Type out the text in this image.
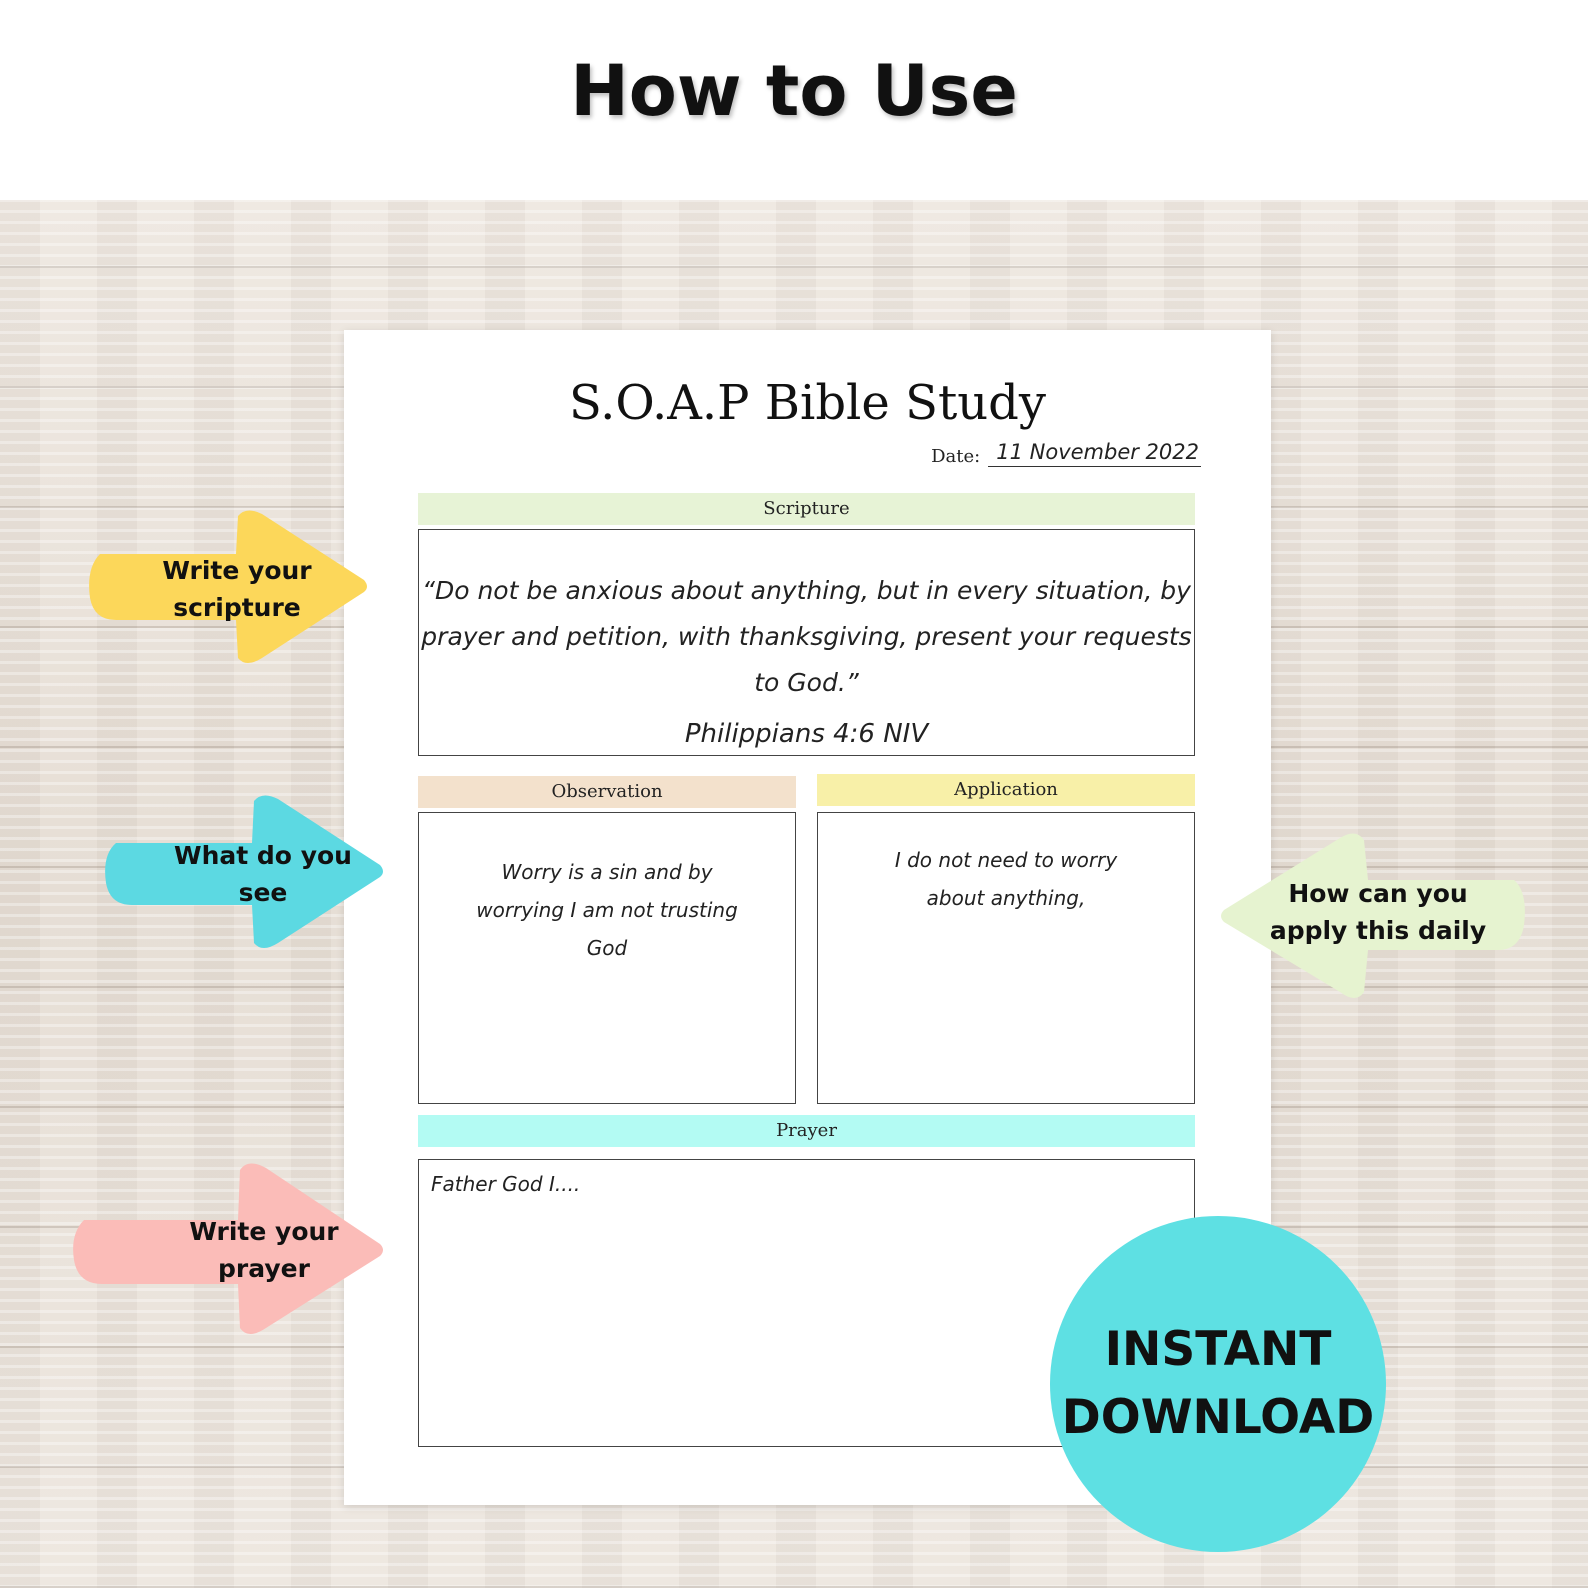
How to Use
S.O.A.P Bible Study
Date: 11 November 2022
Scripture
“Do not be anxious about anything, but in every situation, by prayer and petition, with thanksgiving, present your requests to God.”
Philippians 4:6 NIV
Observation
Worry is a sin and by worrying I am not trusting God
Application
I do not need to worry about anything,
Prayer
Father God I....
Write your
scripture
What do you
see	How can you
apply this daily
Write your
prayer
INSTANT
DOWNLOAD
